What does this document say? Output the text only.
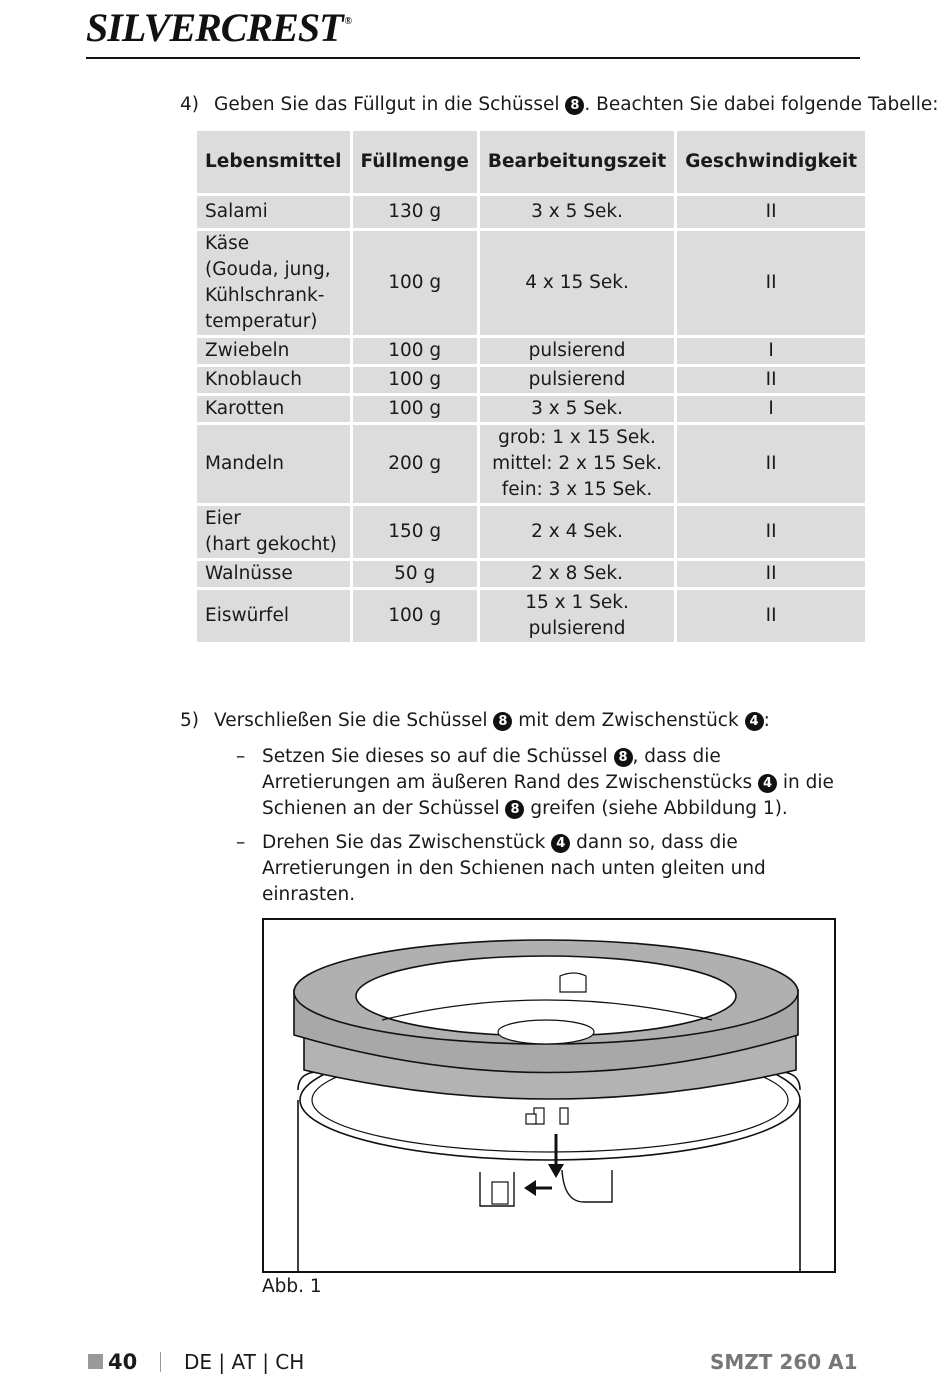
SILVERCREST ®
4) Geben Sie das Füllgut in die Schüssel 8 . Beachten Sie dabei folgende Tabelle:
Lebensmittel	Füllmenge	Bearbeitungszeit	Geschwindigkeit
Salami	130 g	3 x 5 Sek.	II
Käse
(Gouda, jung,
Kühlschrank-
temperatur)	100 g	4 x 15 Sek.	II
Zwiebeln	100 g	pulsierend	I
Knoblauch	100 g	pulsierend	II
Karotten	100 g	3 x 5 Sek.	I
Mandeln	200 g	grob: 1 x 15 Sek.
mittel: 2 x 15 Sek.
fein: 3 x 15 Sek.	II
Eier
(hart gekocht)	150 g	2 x 4 Sek.	II
Walnüsse	50 g	2 x 8 Sek.	II
Eiswürfel	100 g	15 x 1 Sek.
pulsierend	II
5) Verschließen Sie die Schüssel 8 mit dem Zwischenstück 4 :
– Setzen Sie dieses so auf die Schüssel 8 , dass die Arretierungen am äußeren Rand des Zwischenstücks 4 in die Schienen an der Schüssel 8 greifen (siehe Abbildung 1).
– Drehen Sie das Zwischenstück 4 dann so, dass die Arretierungen in den Schienen nach unten gleiten und einrasten.
Abb. 1
40 DE | AT | CH	SMZT 260 A1
